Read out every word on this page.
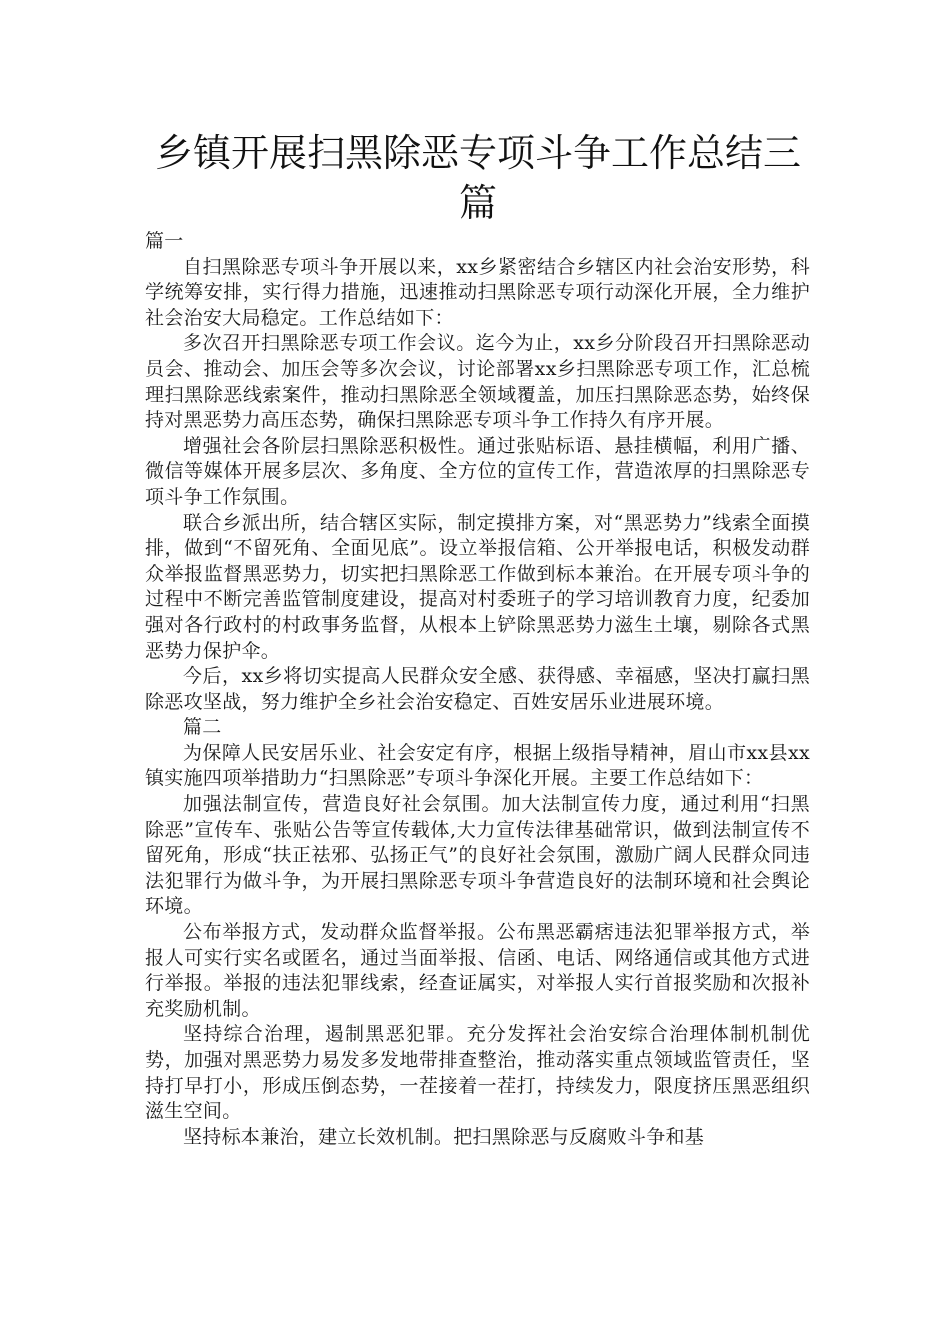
乡镇开展扫黑除恶专项斗争工作总结三篇

篇一

自扫黑除恶专项斗争开展以来，xx乡紧密结合乡辖区内社会治安形势，科学统筹安排，实行得力措施，迅速推动扫黑除恶专项行动深化开展，全力维护社会治安大局稳定。工作总结如下：

多次召开扫黑除恶专项工作会议。迄今为止，xx乡分阶段召开扫黑除恶动员会、推动会、加压会等多次会议，讨论部署xx乡扫黑除恶专项工作，汇总梳理扫黑除恶线索案件，推动扫黑除恶全领域覆盖，加压扫黑除恶态势，始终保持对黑恶势力高压态势，确保扫黑除恶专项斗争工作持久有序开展。

增强社会各阶层扫黑除恶积极性。通过张贴标语、悬挂横幅，利用广播、微信等媒体开展多层次、多角度、全方位的宣传工作，营造浓厚的扫黑除恶专项斗争工作氛围。

联合乡派出所，结合辖区实际，制定摸排方案，对“黑恶势力”线索全面摸排，做到“不留死角、全面见底”。设立举报信箱、公开举报电话，积极发动群众举报监督黑恶势力，切实把扫黑除恶工作做到标本兼治。在开展专项斗争的过程中不断完善监管制度建设，提高对村委班子的学习培训教育力度，纪委加强对各行政村的村政事务监督，从根本上铲除黑恶势力滋生土壤，剔除各式黑恶势力保护伞。

今后，xx乡将切实提高人民群众安全感、获得感、幸福感，坚决打赢扫黑除恶攻坚战，努力维护全乡社会治安稳定、百姓安居乐业进展环境。

篇二

为保障人民安居乐业、社会安定有序，根据上级指导精神，眉山市xx县xx镇实施四项举措助力“扫黑除恶”专项斗争深化开展。主要工作总结如下：

加强法制宣传，营造良好社会氛围。加大法制宣传力度，通过利用“扫黑除恶”宣传车、张贴公告等宣传载体,大力宣传法律基础常识，做到法制宣传不留死角，形成“扶正祛邪、弘扬正气”的良好社会氛围，激励广阔人民群众同违法犯罪行为做斗争，为开展扫黑除恶专项斗争营造良好的法制环境和社会舆论环境。

公布举报方式，发动群众监督举报。公布黑恶霸痞违法犯罪举报方式，举报人可实行实名或匿名，通过当面举报、信函、电话、网络通信或其他方式进行举报。举报的违法犯罪线索，经查证属实，对举报人实行首报奖励和次报补充奖励机制。

坚持综合治理，遏制黑恶犯罪。充分发挥社会治安综合治理体制机制优势，加强对黑恶势力易发多发地带排查整治，推动落实重点领域监管责任，坚持打早打小，形成压倒态势，一茬接着一茬打，持续发力，限度挤压黑恶组织滋生空间。

坚持标本兼治，建立长效机制。把扫黑除恶与反腐败斗争和基
